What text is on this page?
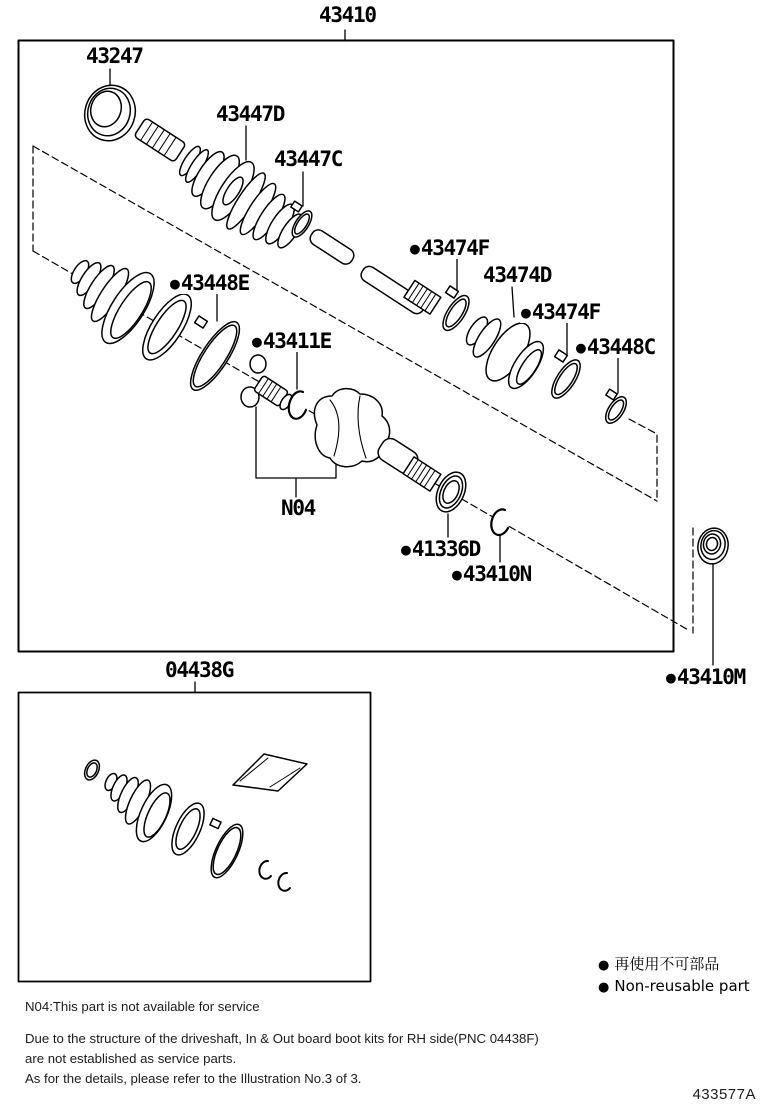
43410
43247
43447D
43447C
●43474F
43474D
●43474F
●43448C
●43448E
●43411E
N04
●41336D
●43410N
●43410M
04438G
● 再使用不可部品
● Non-reusable part
N04:This part is not available for service
Due to the structure of the driveshaft, In & Out board boot kits for RH side(PNC 04438F)
are not established as service parts.
As for the details, please refer to the Illustration No.3 of 3.
433577A
